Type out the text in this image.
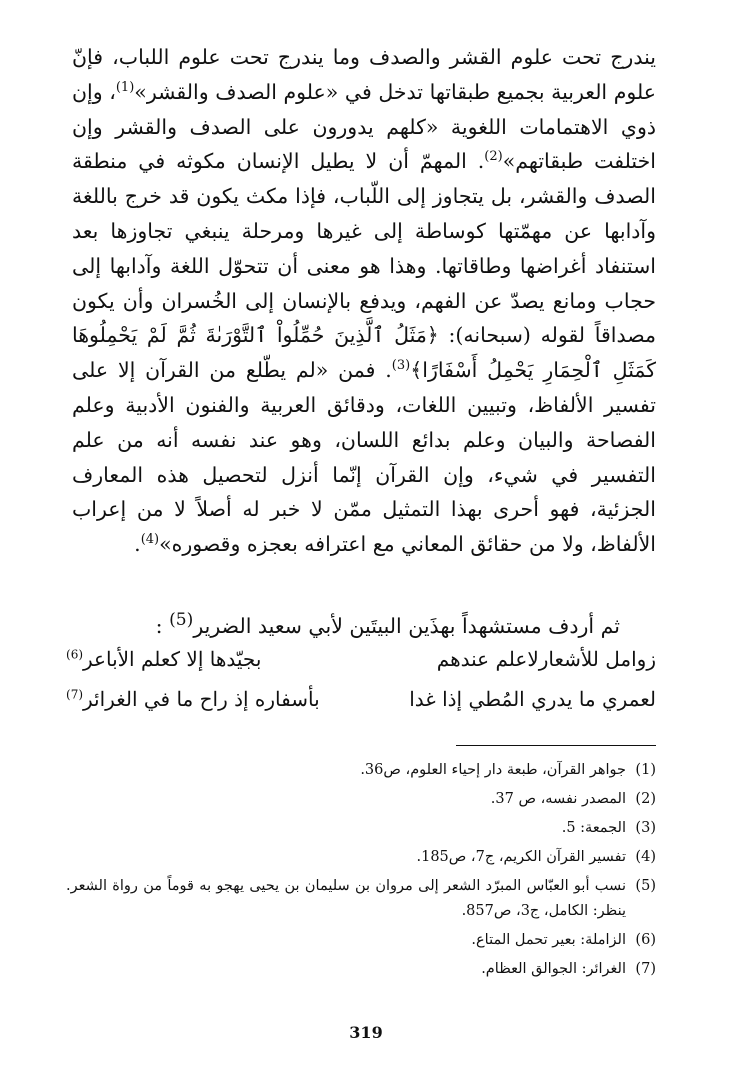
يندرج تحت علوم القشر والصدف وما يندرج تحت علوم اللباب، فإنّ علوم العربية بجميع طبقاتها تدخل في «علوم الصدف والقشر»$^{(1)}$، وإن ذوي الاهتمامات اللغوية «كلهم يدورون على الصدف والقشر وإن اختلفت طبقاتهم»$^{(2)}$. المهمّ أن لا يطيل الإنسان مكوثه في منطقة الصدف والقشر، بل يتجاوز إلى اللّباب، فإذا مكث يكون قد خرج باللغة وآدابها عن مهمّتها كوساطة إلى غيرها ومرحلة ينبغي تجاوزها بعد استنفاد أغراضها وطاقاتها. وهذا هو معنى أن تتحوّل اللغة وآدابها إلى حجاب ومانع يصدّ عن الفهم، ويدفع بالإنسان إلى الخُسران وأن يكون مصداقاً لقوله (سبحانه): ﴿مَثَلُ ٱلَّذِينَ حُمِّلُواْ ٱلتَّوْرَىٰةَ ثُمَّ لَمْ يَحْمِلُوهَا كَمَثَلِ ٱلْحِمَارِ يَحْمِلُ أَسْفَارًا﴾$^{(3)}$. فمن «لم يطّلع من القرآن إلا على تفسير الألفاظ، وتبيين اللغات، ودقائق العربية والفنون الأدبية وعلم الفصاحة والبيان وعلم بدائع اللسان، وهو عند نفسه أنه من علم التفسير في شيء، وإن القرآن إنّما أنزل لتحصيل هذه المعارف الجزئية، فهو أحرى بهذا التمثيل ممّن لا خبر له أصلاً لا من إعراب الألفاظ، ولا من حقائق المعاني مع اعترافه بعجزه وقصوره»$^{(4)}$.

ثم أردف مستشهداً بهذَين البيتَين لأبي سعيد الضرير$^{(5)}$ :
زوامل للأشعارلاعلم عندهم
بجيّدها إلا كعلم الأباعر$^{(6)}$
لعمري ما يدري المُطي إذا غدا
بأسفاره إذ راح ما في الغرائر$^{(7)}$
(1)
جواهر القرآن، طبعة دار إحياء العلوم، ص36.
(2)
المصدر نفسه، ص 37.
(3)
الجمعة: 5.
(4)
تفسير القرآن الكريم، ج7، ص185.
(5)
نسب أبو العبّاس المبرّد الشعر إلى مروان بن سليمان بن يحيى يهجو به قوماً من رواة الشعر. ينظر: الكامل، ج3، ص857.
(6)
الزاملة: بعير تحمل المتاع.
(7)
الغرائر: الجوالق العظام.
319
